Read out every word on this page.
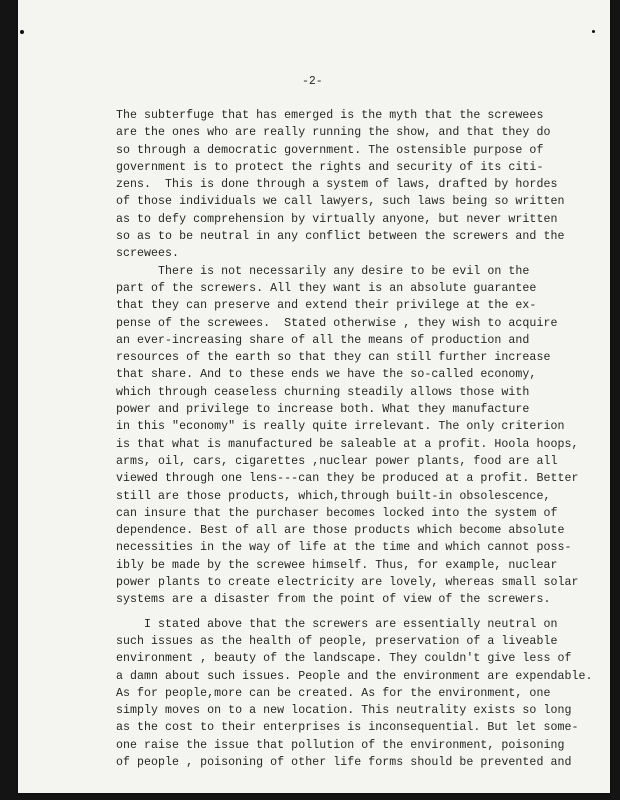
-2-
The subterfuge that has emerged is the myth that the screwees
are the ones who are really running the show, and that they do
so through a democratic government. The ostensible purpose of
government is to protect the rights and security of its citi-
zens.  This is done through a system of laws, drafted by hordes
of those individuals we call lawyers, such laws being so written
as to defy comprehension by virtually anyone, but never written
so as to be neutral in any conflict between the screwers and the
screwees.
There is not necessarily any desire to be evil on the
part of the screwers. All they want is an absolute guarantee
that they can preserve and extend their privilege at the ex-
pense of the screwees.  Stated otherwise , they wish to acquire
an ever-increasing share of all the means of production and
resources of the earth so that they can still further increase
that share. And to these ends we have the so-called economy,
which through ceaseless churning steadily allows those with
power and privilege to increase both. What they manufacture
in this "economy" is really quite irrelevant. The only criterion
is that what is manufactured be saleable at a profit. Hoola hoops,
arms, oil, cars, cigarettes ,nuclear power plants, food are all
viewed through one lens---can they be produced at a profit. Better
still are those products, which,through built-in obsolescence,
can insure that the purchaser becomes locked into the system of
dependence. Best of all are those products which become absolute
necessities in the way of life at the time and which cannot poss-
ibly be made by the screwee himself. Thus, for example, nuclear
power plants to create electricity are lovely, whereas small solar
systems are a disaster from the point of view of the screwers.
I stated above that the screwers are essentially neutral on
such issues as the health of people, preservation of a liveable
environment , beauty of the landscape. They couldn't give less of
a damn about such issues. People and the environment are expendable.
As for people,more can be created. As for the environment, one
simply moves on to a new location. This neutrality exists so long
as the cost to their enterprises is inconsequential. But let some-
one raise the issue that pollution of the environment, poisoning
of people , poisoning of other life forms should be prevented and
